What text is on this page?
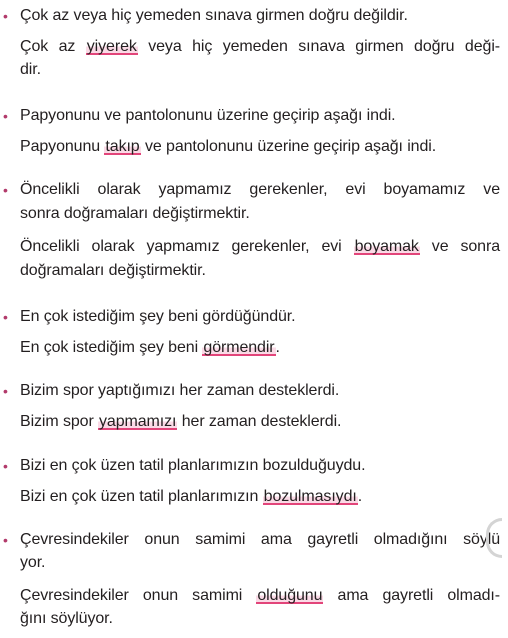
• Çok az veya hiç yemeden sınava girmen doğru değildir.
Çok az yiyerek veya hiç yemeden sınava girmen doğru deği-
dir.
• Papyonunu ve pantolonunu üzerine geçirip aşağı indi.
Papyonunu takıp ve pantolonunu üzerine geçirip aşağı indi.
• Öncelikli olarak yapmamız gerekenler, evi boyamamız ve
sonra doğramaları değiştirmektir.
Öncelikli olarak yapmamız gerekenler, evi boyamak ve sonra
doğramaları değiştirmektir.
• En çok istediğim şey beni gördüğündür.
En çok istediğim şey beni görmendir.
• Bizim spor yaptığımızı her zaman desteklerdi.
Bizim spor yapmamızı her zaman desteklerdi.
• Bizi en çok üzen tatil planlarımızın bozulduğuydu.
Bizi en çok üzen tatil planlarımızın bozulmasıydı.
• Çevresindekiler onun samimi ama gayretli olmadığını söylü
yor.
Çevresindekiler onun samimi olduğunu ama gayretli olmadı-
ğını söylüyor.
